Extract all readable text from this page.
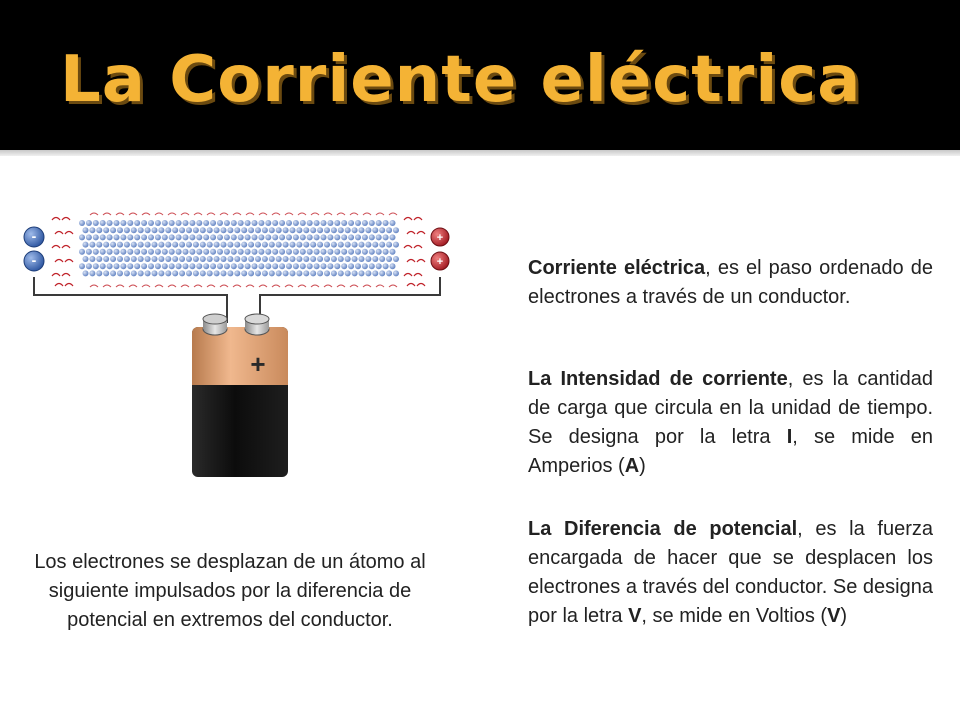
La Corriente eléctrica
-
-
+
+
+
Los electrones se desplazan de un átomo al siguiente impulsados por la diferencia de potencial en extremos del conductor.
Corriente eléctrica, es el paso ordenado de electrones a través de un conductor.
La Intensidad de corriente, es la cantidad de carga que circula en la unidad de tiempo. Se designa por la letra I, se mide en Amperios (A)
La Diferencia de potencial, es la fuerza encargada de hacer que se desplacen los electrones a través del conductor. Se designa por la letra V, se mide en Voltios (V)
